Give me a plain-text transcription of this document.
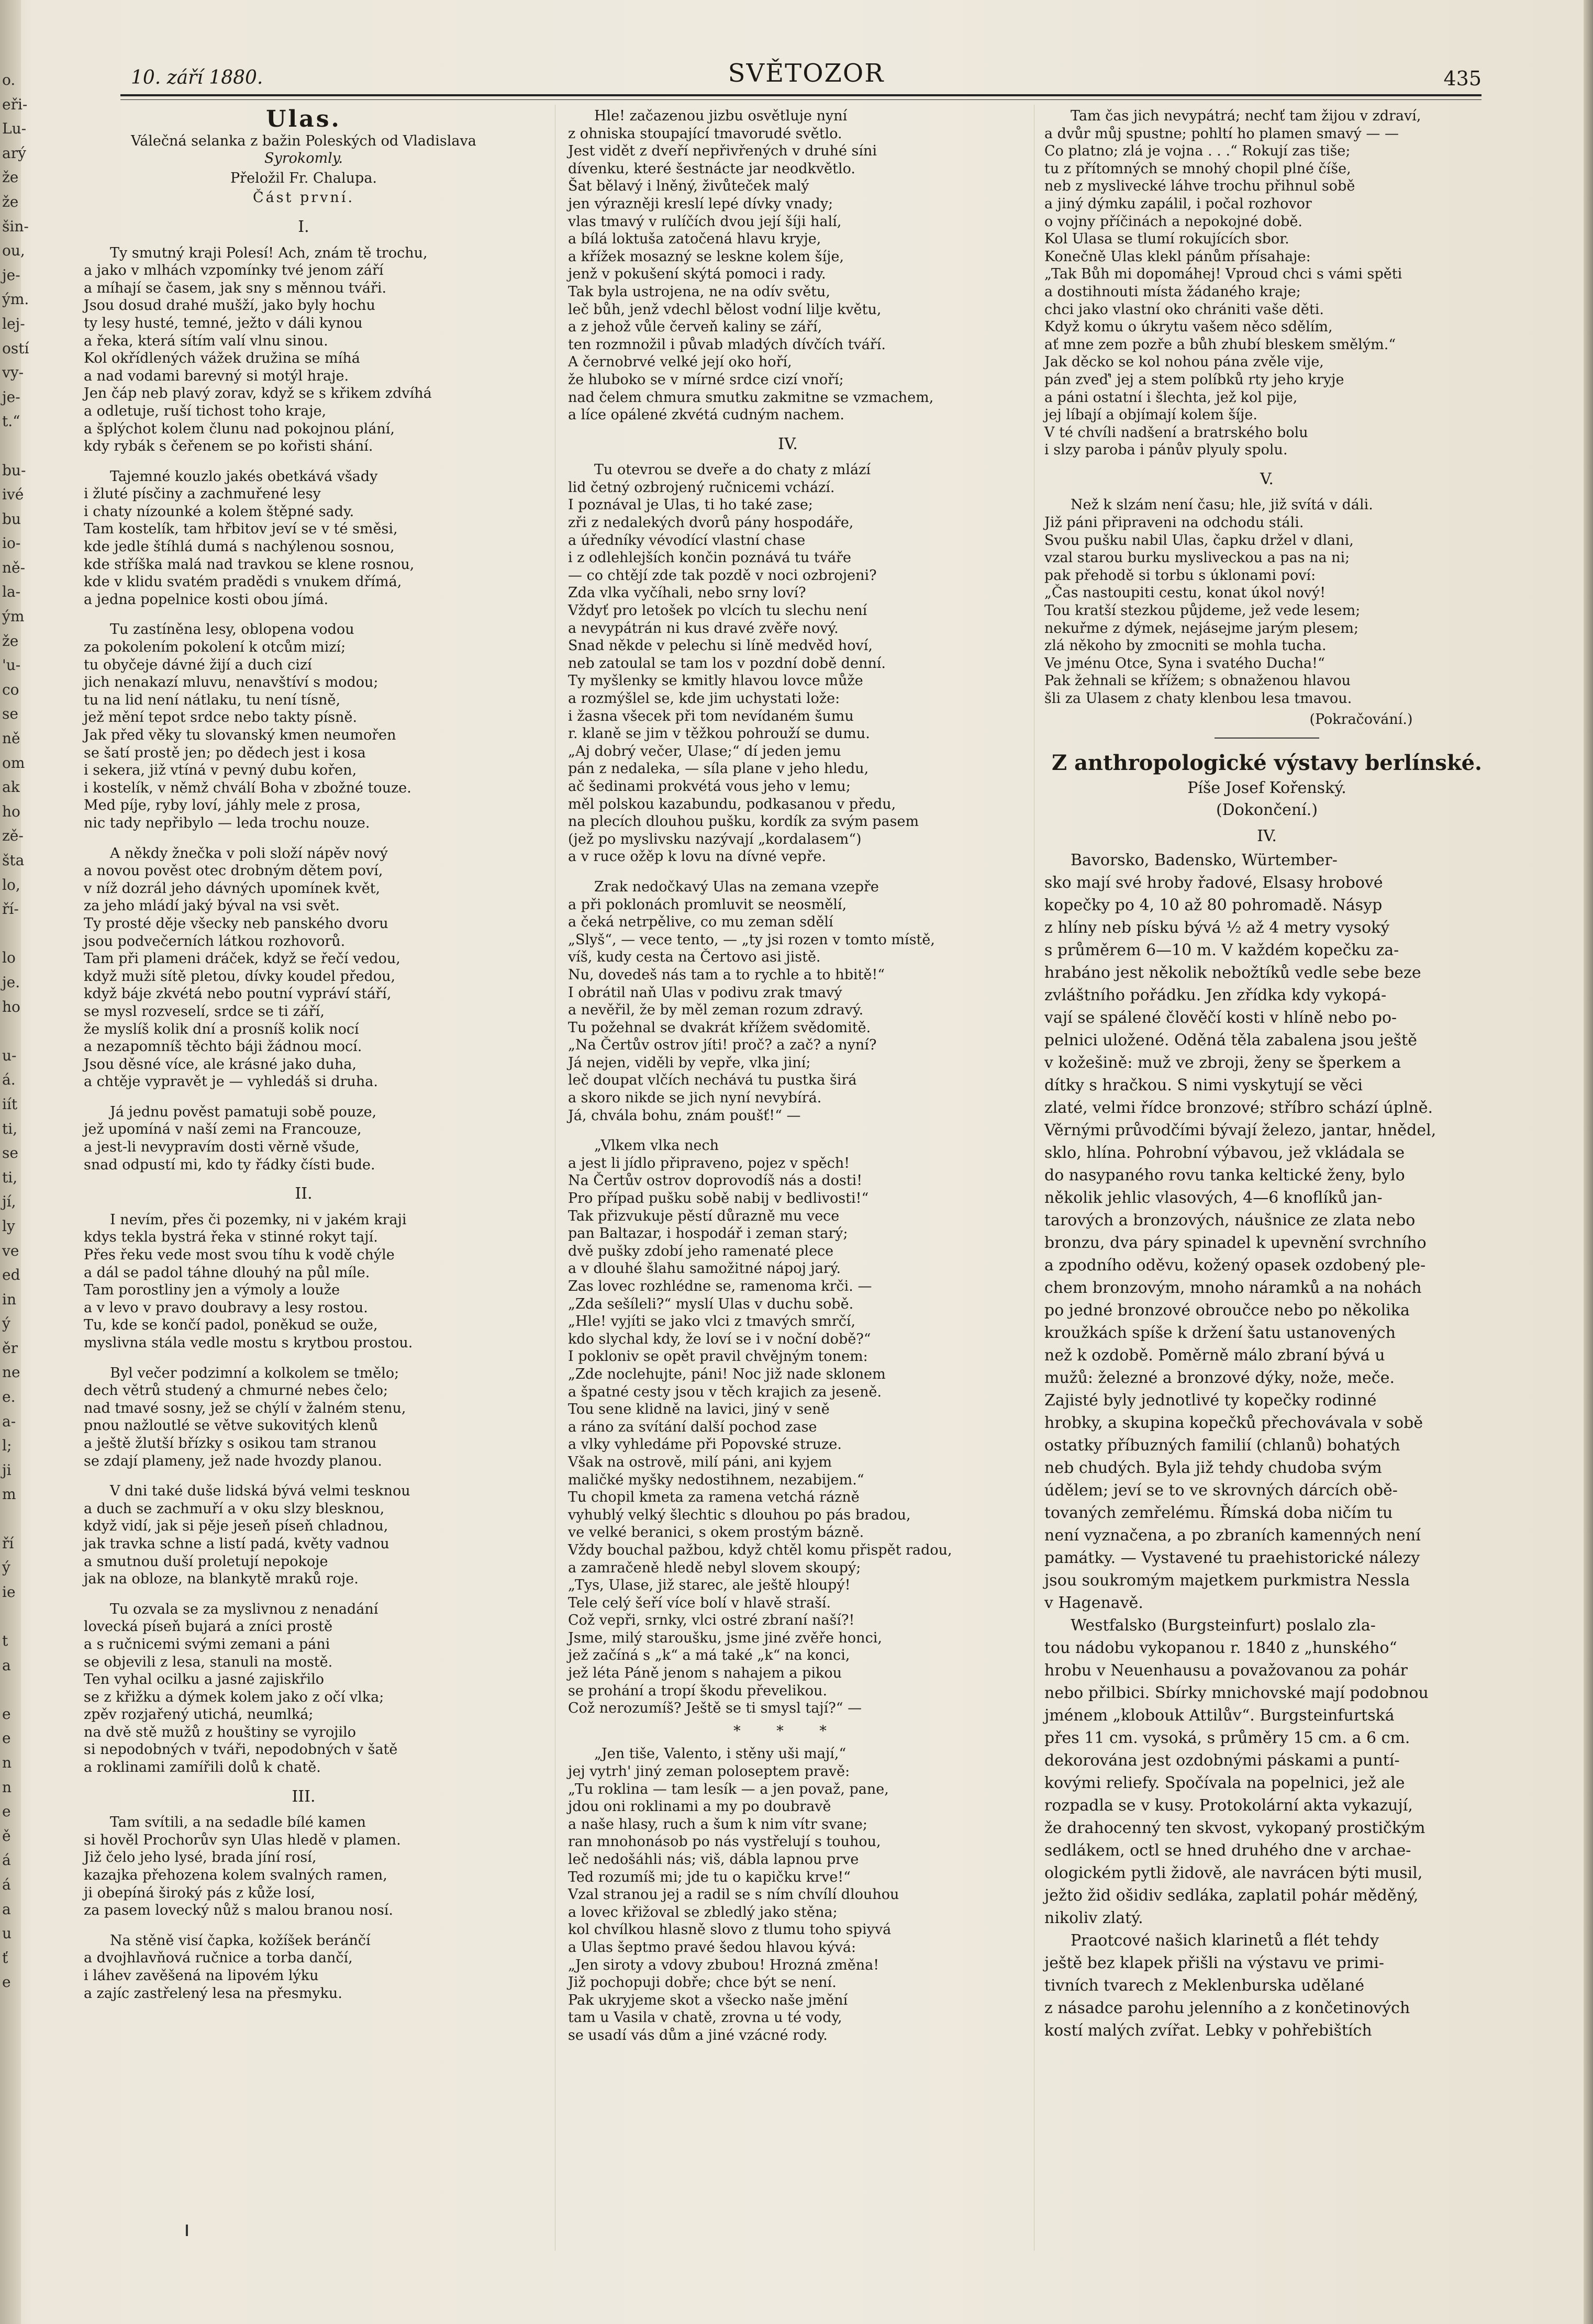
o.
eři-
Lu-
arý
že
že
šin-
ou,
je-
ým.
lej-
ostí
vy-
je-
t.“

bu-
ivé
bu
io-
ně-
la-
ým
že
'u-
co
se
ně
om
ak
ho
zě-
šta
lo,
ří-

lo
je.
ho

u-
á.
iít
ti,
se
ti,
jí,
ly
ve
ed
in
ý
ěr
ne
e.
a-
l;
ji
m

ří
ý
ie

t
a

e
e
n
n
e
ě
á
á
a
u
ť
e
10. září 1880.	SVĚTOZOR	435
Ulas.

Válečná selanka z bažin Poleských od Vladislava

Syrokomly.

Přeložil Fr. Chalupa.

Část první.

I.

Ty smutný kraji Polesí! Ach, znám tě trochu,

a jako v mlhách vzpomínky tvé jenom září

a míhají se časem, jak sny s měnnou tváři.

Jsou dosud drahé mušží, jako byly hochu

ty lesy husté, temné, ježto v dáli kynou

a řeka, která sítím valí vlnu sinou.

Kol okřídlených vážek družina se míhá

a nad vodami barevný si motýl hraje.

Jen čáp neb plavý zorav, když se s křikem zdvíhá

a odletuje, ruší tichost toho kraje,

a šplýchot kolem člunu nad pokojnou plání,

kdy rybák s čeřenem se po kořisti shání.

Tajemné kouzlo jakés obetkává všady

i žluté písčiny a zachmuřené lesy

i chaty nízounké a kolem štěpné sady.

Tam kostelík, tam hřbitov jeví se v té směsi,

kde jedle štíhlá dumá s nachýlenou sosnou,

kde stříška malá nad travkou se klene rosnou,

kde v klidu svatém pradědi s vnukem dřímá,

a jedna popelnice kosti obou jímá.

Tu zastíněna lesy, oblopena vodou

za pokolením pokolení k otcům mizí;

tu obyčeje dávné žijí a duch cizí

jich nenakazí mluvu, nenavštíví s modou;

tu na lid není nátlaku, tu není tísně,

jež mění tepot srdce nebo takty písně.

Jak před věky tu slovanský kmen neumořen

se šatí prostě jen; po dědech jest i kosa

i sekera, již vtíná v pevný dubu kořen,

i kostelík, v němž chválí Boha v zbožné touze.

Med píje, ryby loví, jáhly mele z prosa,

nic tady nepřibylo — leda trochu nouze.

A někdy žnečka v poli složí nápěv nový

a novou pověst otec drobným dětem poví,

v níž dozrál jeho dávných upomínek květ,

za jeho mládí jaký býval na vsi svět.

Ty prosté děje všecky neb panského dvoru

jsou podvečerních látkou rozhovorů.

Tam při plameni dráček, když se řečí vedou,

když muži sítě pletou, dívky koudel předou,

když báje zkvétá nebo poutní vypráví stáří,

se mysl rozveselí, srdce se ti září,

že myslíš kolik dní a prosníš kolik nocí

a nezapomníš těchto báji žádnou mocí.

Jsou děsné více, ale krásné jako duha,

a chtěje vypravět je — vyhledáš si druha.

Já jednu pověst pamatuji sobě pouze,

jež upomíná v naší zemi na Francouze,

a jest-li nevypravím dosti věrně všude,

snad odpustí mi, kdo ty řádky čísti bude.

II.

I nevím, přes či pozemky, ni v jakém kraji

kdys tekla bystrá řeka v stinné rokyt tají.

Přes řeku vede most svou tíhu k vodě chýle

a dál se padol táhne dlouhý na půl míle.

Tam porostliny jen a výmoly a louže

a v levo v pravo doubravy a lesy rostou.

Tu, kde se končí padol, poněkud se ouže,

myslivna stála vedle mostu s krytbou prostou.

Byl večer podzimní a kolkolem se tmělo;

dech větrů studený a chmurné nebes čelo;

nad tmavé sosny, jež se chýlí v žalném stenu,

pnou nažloutlé se větve sukovitých klenů

a ještě žlutší břízky s osikou tam stranou

se zdají plameny, jež nade hvozdy planou.

V dni také duše lidská bývá velmi tesknou

a duch se zachmuří a v oku slzy blesknou,

když vidí, jak si pěje jeseň píseň chladnou,

jak travka schne a listí padá, květy vadnou

a smutnou duší proletují nepokoje

jak na obloze, na blankytě mraků roje.

Tu ozvala se za myslivnou z nenadání

lovecká píseň bujará a zníci prostě

a s ručnicemi svými zemani a páni

se objevili z lesa, stanuli na mostě.

Ten vyhal ocilku a jasné zajiskřilo

se z křižku a dýmek kolem jako z očí vlka;

zpěv rozjařený utichá, neumlká;

na dvě stě mužů z houštiny se vyrojilo

si nepodobných v tváři, nepodobných v šatě

a roklinami zamířili dolů k chatě.

III.

Tam svítili, a na sedadle bílé kamen

si hověl Prochorův syn Ulas hledě v plamen.

Již čelo jeho lysé, brada jíní rosí,

kazajka přehozena kolem svalných ramen,

ji obepíná široký pás z kůže losí,

za pasem lovecký nůž s malou branou nosí.

Na stěně visí čapka, kožíšek beránčí

a dvojhlavňová ručnice a torba dančí,

i láhev zavěšená na lipovém lýku

a zajíc zastřelený lesa na přesmyku.

Hle! začazenou jizbu osvětluje nyní

z ohniska stoupající tmavorudé světlo.

Jest vidět z dveří nepřivřených v druhé síni

dívenku, které šestnácte jar neodkvětlo.

Šat bělavý i lněný, živůteček malý

jen výrazněji kreslí lepé dívky vnady;

vlas tmavý v rulíčích dvou její šíji halí,

a bílá loktuša zatočená hlavu kryje,

a křížek mosazný se leskne kolem šíje,

jenž v pokušení skýtá pomoci i rady.

Tak byla ustrojena, ne na odív světu,

leč bůh, jenž vdechl bělost vodní lilje květu,

a z jehož vůle červeň kaliny se září,

ten rozmnožil i půvab mladých dívčích tváří.

A černobrvé velké její oko hoří,

že hluboko se v mírné srdce cizí vnoří;

nad čelem chmura smutku zakmitne se vzmachem,

a líce opálené zkvétá cudným nachem.

IV.

Tu otevrou se dveře a do chaty z mlází

lid četný ozbrojený ručnicemi vchází.

I poznával je Ulas, ti ho také zase;

zři z nedalekých dvorů pány hospodáře,

a úředníky vévodící vlastní chase

i z odlehlejších končin poznává tu tváře

— co chtějí zde tak pozdě v noci ozbrojeni?

Zda vlka vyčíhali, nebo srny loví?

Vždyť pro letošek po vlcích tu slechu není

a nevypátrán ni kus dravé zvěře nový.

Snad někde v pelechu si líně medvěd hoví,

neb zatoulal se tam los v pozdní době denní.

Ty myšlenky se kmitly hlavou lovce může

a rozmýšlel se, kde jim uchystati lože:

i žasna všecek při tom nevídaném šumu

r. klaně se jim v těžkou pohrouží se dumu.

„Aj dobrý večer, Ulase;“ dí jeden jemu

pán z nedaleka, — síla plane v jeho hledu,

ač šedinami prokvétá vous jeho v lemu;

měl polskou kazabundu, podkasanou v předu,

na plecích dlouhou pušku, kordík za svým pasem

(jež po myslivsku nazývají „kordalasem“)

a v ruce ožěp k lovu na dívné vepře.

Zrak nedočkavý Ulas na zemana vzepře

a při poklonách promluvit se neosmělí,

a čeká netrpělive, co mu zeman sdělí

„Slyš“, — vece tento, — „ty jsi rozen v tomto místě,

víš, kudy cesta na Čertovo asi jistě.

Nu, dovedeš nás tam a to rychle a to hbitě!“

I obrátil naň Ulas v podivu zrak tmavý

a nevěřil, že by měl zeman rozum zdravý.

Tu požehnal se dvakrát křížem svědomitě.

„Na Čertův ostrov jíti! proč? a zač? a nyní?

Já nejen, viděli by vepře, vlka jiní;

leč doupat vlčích nechává tu pustka širá

a skoro nikde se jich nyní nevybírá.

Já, chvála bohu, znám poušť!“ —

„Vlkem vlka nech

a jest li jídlo připraveno, pojez v spěch!

Na Čertův ostrov doprovodíš nás a dosti!

Pro případ pušku sobě nabij v bedlivosti!“

Tak přizvukuje pěstí důrazně mu vece

pan Baltazar, i hospodář i zeman starý;

dvě pušky zdobí jeho ramenaté plece

a v dlouhé šlahu samožitné nápoj jarý.

Zas lovec rozhlédne se, ramenoma krči. —

„Zda sešíleli?“ myslí Ulas v duchu sobě.

„Hle! vyjíti se jako vlci z tmavých smrčí,

kdo slychal kdy, že loví se i v noční době?“

I pokloniv se opět pravil chvějným tonem:

„Zde noclehujte, páni! Noc již nade sklonem

a špatné cesty jsou v těch krajich za jeseně.

Tou sene klidně na lavici, jiný v seně

a ráno za svítání další pochod zase

a vlky vyhledáme při Popovské struze.

Však na ostrově, milí páni, ani kyjem

maličké myšky nedostihnem, nezabijem.“

Tu chopil kmeta za ramena vetchá rázně

vyhublý velký šlechtic s dlouhou po pás bradou,

ve velké beranici, s okem prostým bázně.

Vždy bouchal pažbou, když chtěl komu přispět radou,

a zamračeně hledě nebyl slovem skoupý;

„Tys, Ulase, již starec, ale ještě hloupý!

Tele celý šeří více bolí v hlavě straší.

Což vepři, srnky, vlci ostré zbraní naší?!

Jsme, milý staroušku, jsme jiné zvěře honci,

jež začíná s „k“ a má také „k“ na konci,

jež léta Páně jenom s nahajem a pikou

se prohání a tropí škodu převelikou.

Což nerozumíš? Ještě se ti smysl tají?“ —

* * *

„Jen tiše, Valento, i stěny uši mají,“

jej vytrh' jiný zeman poloseptem pravě:

„Tu roklina — tam lesík — a jen považ, pane,

jdou oni roklinami a my po doubravě

a naše hlasy, ruch a šum k nim vítr svane;

ran mnohonásob po nás vystřelují s touhou,

leč nedošáhli nás; viš, dábla lapnou prve

Ted rozumíš mi; jde tu o kapičku krve!“

Vzal stranou jej a radil se s ním chvílí dlouhou

a lovec křižoval se zbledlý jako stěna;

kol chvílkou hlasně slovo z tlumu toho spiyvá

a Ulas šeptmo pravé šedou hlavou kývá:

„Jen siroty a vdovy zbubou! Hrozná změna!

Již pochopuji dobře; chce být se není.

Pak ukryjeme skot a všecko naše jmění

tam u Vasila v chatě, zrovna u té vody,

se usadí vás dům a jiné vzácné rody.

Tam čas jich nevypátrá; nechť tam žijou v zdraví,

a dvůr můj spustne; pohltí ho plamen smavý — —

Co platno; zlá je vojna . . .“ Rokují zas tiše;

tu z přítomných se mnohý chopil plné číše,

neb z myslivecké láhve trochu přihnul sobě

a jiný dýmku zapálil, i počal rozhovor

o vojny příčinách a nepokojné době.

Kol Ulasa se tlumí rokujících sbor.

Konečně Ulas klekl pánům přísahaje:

„Tak Bůh mi dopomáhej! Vproud chci s vámi spěti

a dostihnouti místa žádaného kraje;

chci jako vlastní oko chrániti vaše děti.

Když komu o úkrytu vašem něco sdělím,

ať mne zem pozře a bůh zhubí bleskem smělým.“

Jak děcko se kol nohou pána zvěle vije,

pán zveď' jej a stem políbků rty jeho kryje

a páni ostatní i šlechta, jež kol pije,

jej líbají a objímají kolem šíje.

V té chvíli nadšení a bratrského bolu

i slzy paroba i pánův plyuly spolu.

V.

Než k slzám není času; hle, již svítá v dáli.

Již páni připraveni na odchodu stáli.

Svou pušku nabil Ulas, čapku držel v dlani,

vzal starou burku mysliveckou a pas na ni;

pak přehodě si torbu s úklonami poví:

„Čas nastoupiti cestu, konat úkol nový!

Tou kratší stezkou půjdeme, jež vede lesem;

nekuřme z dýmek, nejásejme jarým plesem;

zlá někoho by zmocniti se mohla tucha.

Ve jménu Otce, Syna i svatého Ducha!“

Pak žehnali se křížem; s obnaženou hlavou

šli za Ulasem z chaty klenbou lesa tmavou.

(Pokračování.)

Z anthropologické výstavy berlínské.

Píše Josef Kořenský.

(Dokončení.)

IV.

Bavorsko, Badensko, Würtember-

sko mají své hroby řadové, Elsasy hrobové

kopečky po 4, 10 až 80 pohromadě. Násyp

z hlíny neb písku bývá ½ až 4 metry vysoký

s průměrem 6—10 m. V každém kopečku za-

hrabáno jest několik nebožtíků vedle sebe beze

zvláštního pořádku. Jen zřídka kdy vykopá-

vají se spálené člověčí kosti v hlíně nebo po-

pelnici uložené. Oděná těla zabalena jsou ještě

v kožešině: muž ve zbroji, ženy se šperkem a

dítky s hračkou. S nimi vyskytují se věci

zlaté, velmi řídce bronzové; stříbro schází úplně.

Věrnými průvodčími bývají železo, jantar, hnědel,

sklo, hlína. Pohrobní výbavou, jež vkládala se

do nasypaného rovu tanka keltické ženy, bylo

několik jehlic vlasových, 4—6 knoflíků jan-

tarových a bronzových, náušnice ze zlata nebo

bronzu, dva páry spinadel k upevnění svrchního

a zpodního oděvu, kožený opasek ozdobený ple-

chem bronzovým, mnoho náramků a na nohách

po jedné bronzové obroučce nebo po několika

kroužkách spíše k držení šatu ustanovených

než k ozdobě. Poměrně málo zbraní bývá u

mužů: železné a bronzové dýky, nože, meče.

Zajisté byly jednotlivé ty kopečky rodinné

hrobky, a skupina kopečků přechovávala v sobě

ostatky příbuzných familií (chlanů) bohatých

neb chudých. Byla již tehdy chudoba svým

údělem; jeví se to ve skrovných dárcích obě-

tovaných zemřelému. Římská doba ničím tu

není vyznačena, a po zbraních kamenných není

památky. — Vystavené tu praehistorické nálezy

jsou soukromým majetkem purkmistra Nessla

v Hagenavě.

Westfalsko (Burgsteinfurt) poslalo zla-

tou nádobu vykopanou r. 1840 z „hunského“

hrobu v Neuenhausu a považovanou za pohár

nebo přilbici. Sbírky mnichovské mají podobnou

jménem „klobouk Attilův“. Burgsteinfurtská

přes 11 cm. vysoká, s průměry 15 cm. a 6 cm.

dekorována jest ozdobnými páskami a puntí-

kovými reliefy. Spočívala na popelnici, jež ale

rozpadla se v kusy. Protokolární akta vykazují,

že drahocenný ten skvost, vykopaný prostičkým

sedlákem, octl se hned druhého dne v archae-

ologickém pytli židově, ale navrácen býti musil,

ježto žid ošidiv sedláka, zaplatil pohár měděný,

nikoliv zlatý.

Praotcové našich klarinetů a flét tehdy

ještě bez klapek přišli na výstavu ve primi-

tivních tvarech z Meklenburska udělané

z násadce parohu jelenního a z končetinových

kostí malých zvířat. Lebky v pohřebištích
